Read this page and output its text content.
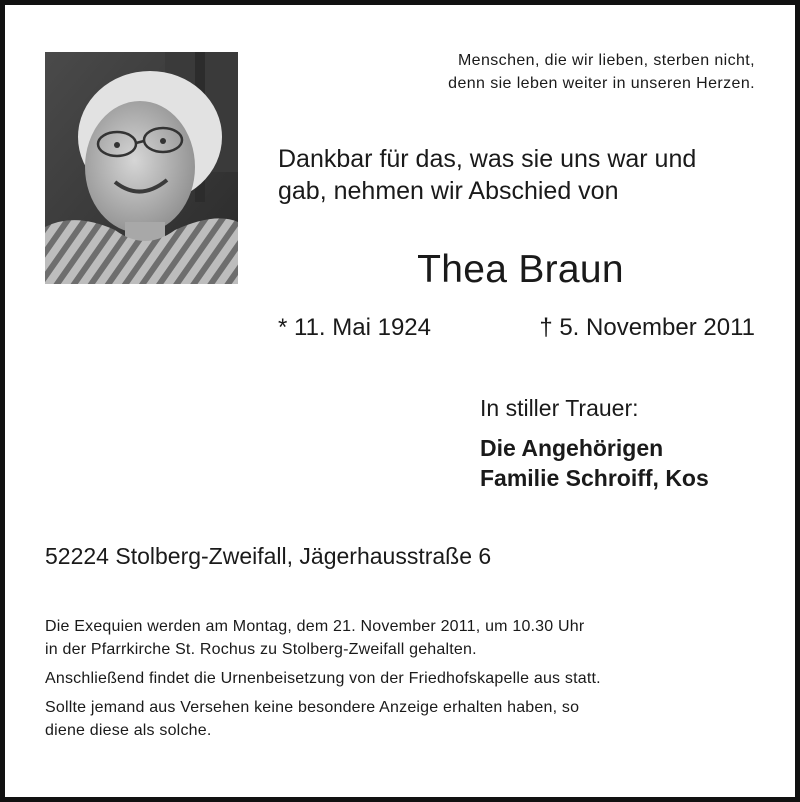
Menschen, die wir lieben, sterben nicht,
denn sie leben weiter in unseren Herzen.
Dankbar für das, was sie uns war und
gab, nehmen wir Abschied von
Thea Braun
* 11. Mai 1924	† 5. November 2011
In stiller Trauer:
Die Angehörigen
Familie Schroiff, Kos
52224 Stolberg-Zweifall, Jägerhausstraße 6

Die Exequien werden am Montag, dem 21. November 2011, um 10.30 Uhr
in der Pfarrkirche St. Rochus zu Stolberg-Zweifall gehalten.

Anschließend findet die Urnenbeisetzung von der Friedhofskapelle aus statt.

Sollte jemand aus Versehen keine besondere Anzeige erhalten haben, so
diene diese als solche.
